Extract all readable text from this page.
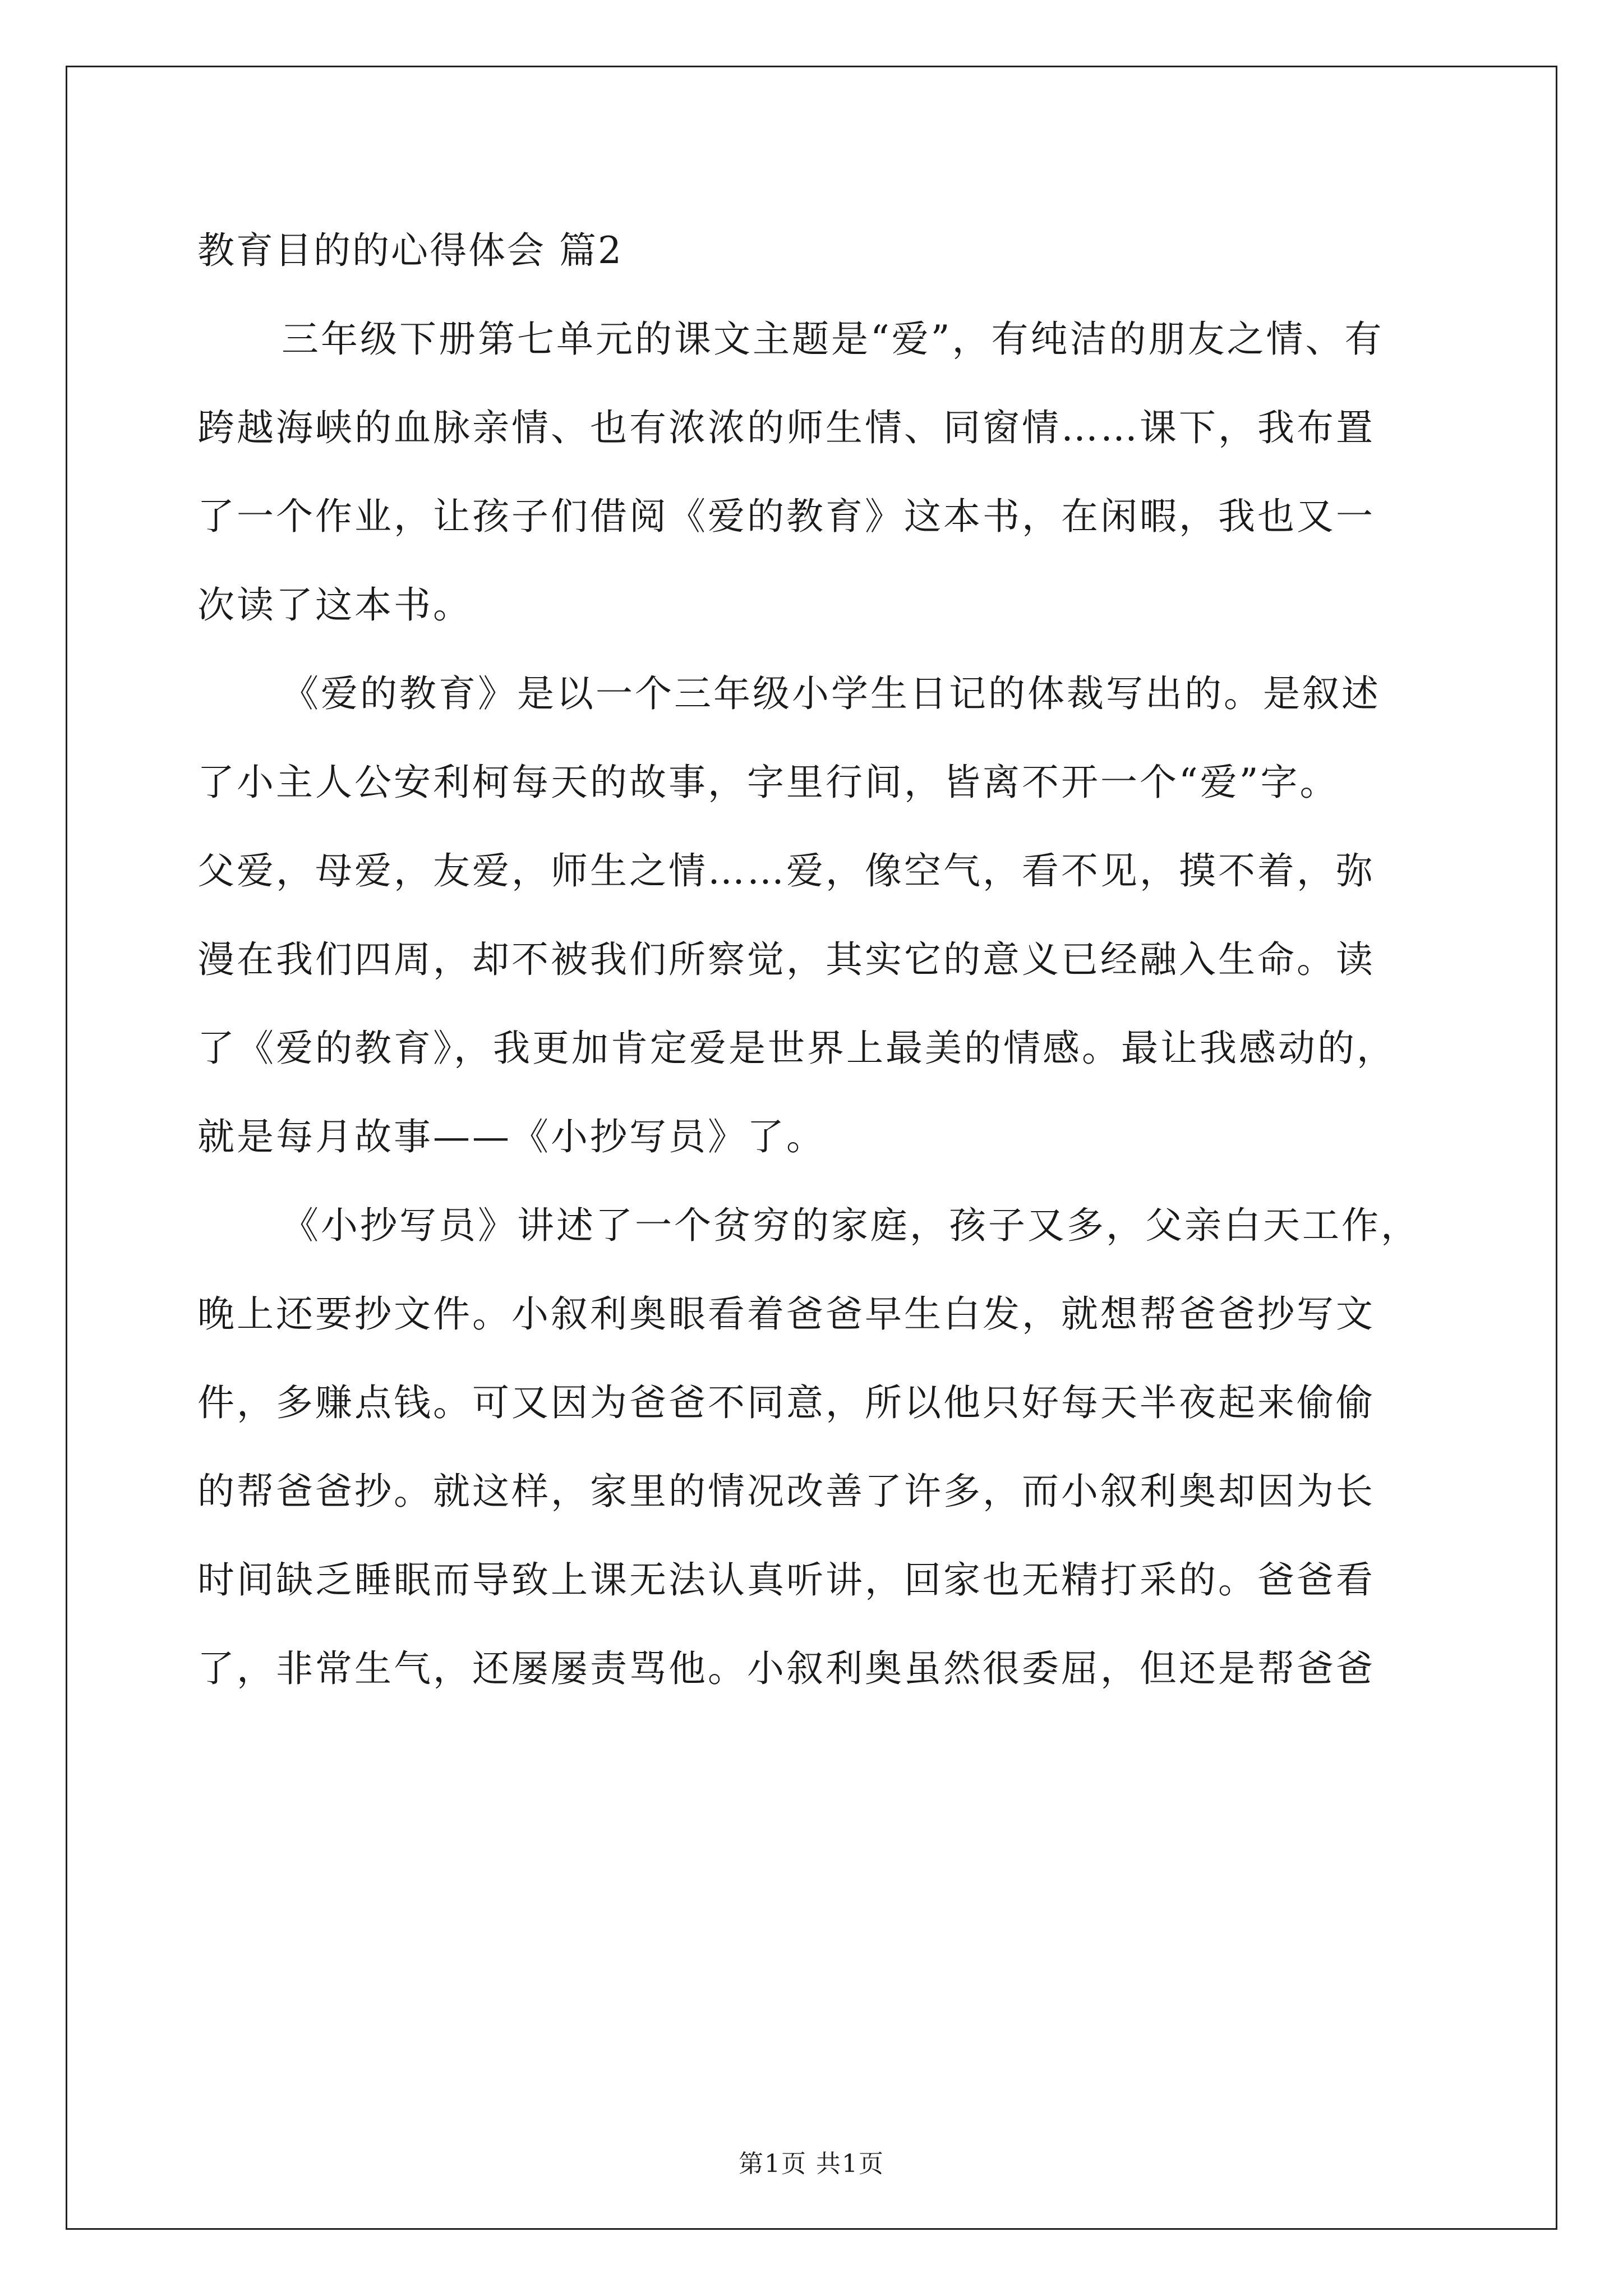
教育目的的心得体会 篇2

三年级下册第七单元的课文主题是“爱”，有纯洁的朋友之情、有

跨越海峡的血脉亲情、也有浓浓的师生情、同窗情……课下，我布置

了一个作业，让孩子们借阅《爱的教育》这本书，在闲暇，我也又一

次读了这本书。

《爱的教育》是以一个三年级小学生日记的体裁写出的。是叙述

了小主人公安利柯每天的故事，字里行间，皆离不开一个“爱”字。

父爱，母爱，友爱，师生之情……爱，像空气，看不见，摸不着，弥

漫在我们四周，却不被我们所察觉，其实它的意义已经融入生命。读

了《爱的教育》，我更加肯定爱是世界上最美的情感。最让我感动的，

就是每月故事——《小抄写员》了。

《小抄写员》讲述了一个贫穷的家庭，孩子又多，父亲白天工作，

晚上还要抄文件。小叙利奥眼看着爸爸早生白发，就想帮爸爸抄写文

件，多赚点钱。可又因为爸爸不同意，所以他只好每天半夜起来偷偷

的帮爸爸抄。就这样，家里的情况改善了许多，而小叙利奥却因为长

时间缺乏睡眠而导致上课无法认真听讲，回家也无精打采的。爸爸看

了，非常生气，还屡屡责骂他。小叙利奥虽然很委屈，但还是帮爸爸

第1页 共1页
